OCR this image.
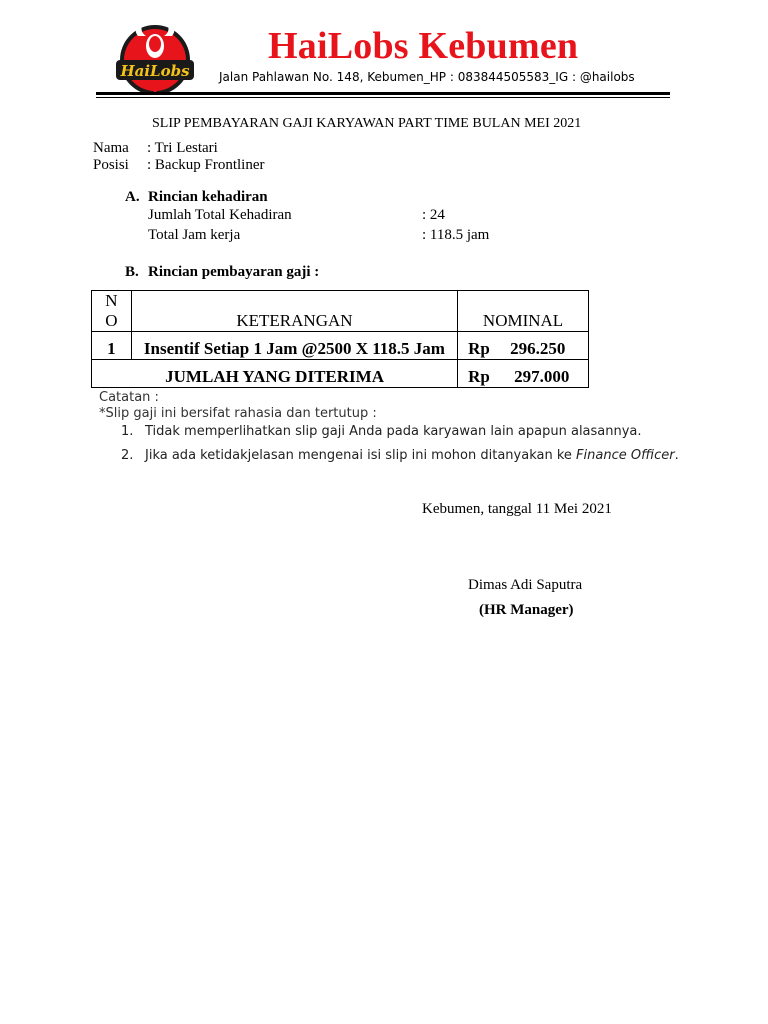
HaiLobs
HaiLobs Kebumen
Jalan Pahlawan No. 148, Kebumen_HP : 083844505583_IG : @hailobs
SLIP PEMBAYARAN GAJI KARYAWAN PART TIME BULAN MEI 2021
Nama : Tri Lestari
Posisi : Backup Frontliner
A. Rincian kehadiran
Jumlah Total Kehadiran	: 24
Total Jam kerja	: 118.5 jam
B. Rincian pembayaran gaji :
N
O	KETERANGAN	NOMINAL
1	Insentif Setiap 1 Jam @2500 X 118.5 Jam	Rp 296.250

JUMLAH YANG DITERIMA		Rp 297.000
Catatan :
*Slip gaji ini bersifat rahasia dan tertutup :
1. Tidak memperlihatkan slip gaji Anda pada karyawan lain apapun alasannya.
2. Jika ada ketidakjelasan mengenai isi slip ini mohon ditanyakan ke Finance Officer.
Kebumen, tanggal 11 Mei 2021
Dimas Adi Saputra
(HR Manager)
